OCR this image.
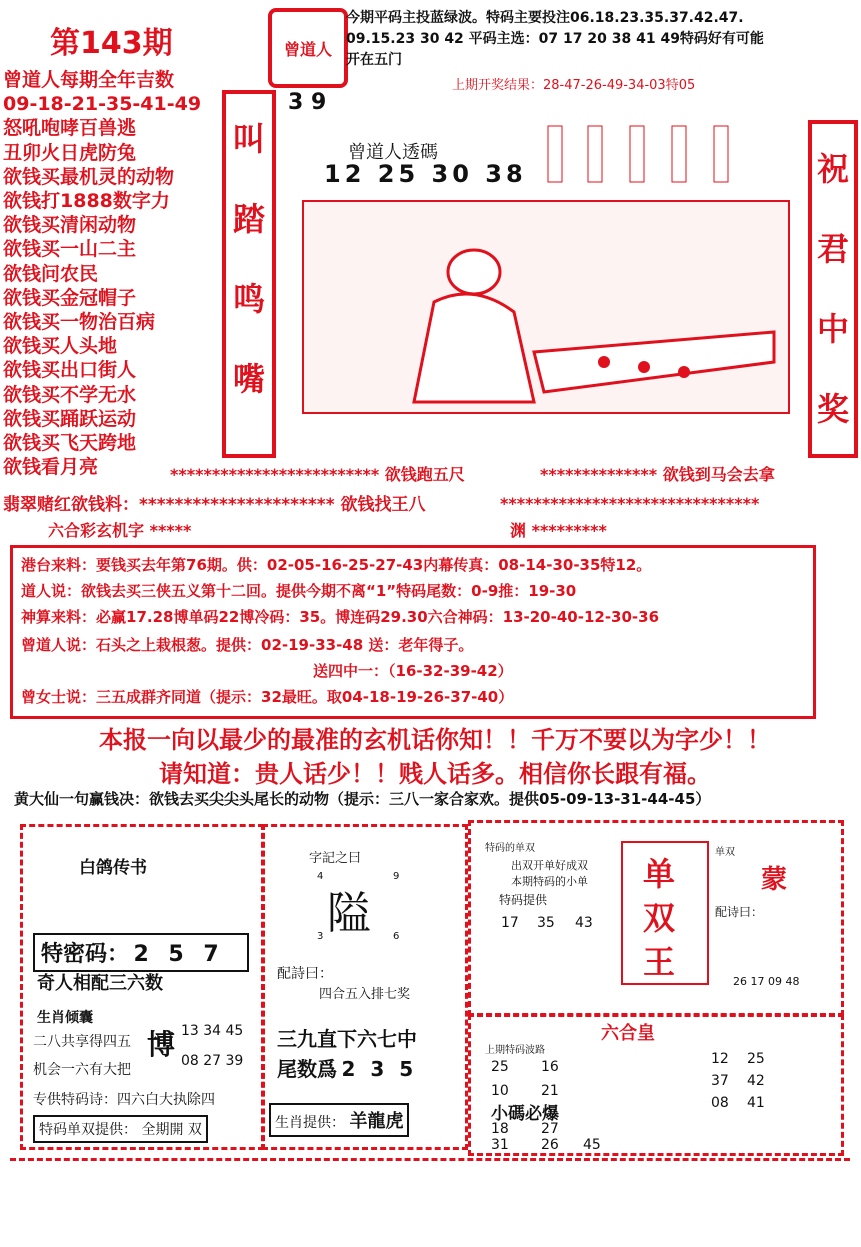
第143期	曾道人
今期平码主投蓝绿波。特码主要投注06.18.23.35.37.42.47.
09.15.23 30 42 平码主选：07 17 20 38 41 49特码好有可能
开在五门
上期开奖结果：28-47-26-49-34-03特05
曾道人每期全年吉数
09-18-21-35-41-49
怒吼咆哮百兽逃
丑卯火日虎防兔
欲钱买最机灵的动物
欲钱打1888数字力
欲钱买清闲动物
欲钱买一山二主
欲钱问农民
欲钱买金冠帽子
欲钱买一物治百病
欲钱买人头地
欲钱买出口街人
欲钱买不学无水
欲钱买踊跃运动
欲钱买飞天跨地
欲钱看月亮
叫
踏
鸣
嘴
3 9
曾道人透碼
12 25 30 38	祝
君
中
奖
************************* 欲钱跑五尺	************** 欲钱到马会去拿
翡翠赌红欲钱料：********************** 欲钱找王八	*******************************
六合彩玄机字 *****	渊 *********
港台来料：要钱买去年第76期。供：02-05-16-25-27-43内幕传真：08-14-30-35特12。
道人说：欲钱去买三侠五义第十二回。提供今期不离“1”特码尾数：0-9推：19-30
神算来料：必赢17.28博单码22博冷码：35。博连码29.30六合神码：13-20-40-12-30-36
曾道人说：石头之上栽根葱。提供：02-19-33-48 送：老年得子。
送四中一：（16-32-39-42）
曾女士说：三五成群齐同道（提示：32最旺。取04-18-19-26-37-40）
本报一向以最少的最准的玄机话你知！！千万不要以为字少！！
请知道：贵人话少！！贱人话多。相信你长跟有福。
黄大仙一句赢钱决：欲钱去买尖尖头尾长的动物（提示：三八一家合家欢。提供05-09-13-31-44-45）
白鸽传书
特密码： 2 5 7
奇人相配三六数
生肖倾囊
二八共享得四五
机会一六有大把
博 13 34 45
08 27 39
专供特码诗：四六白大执除四
特码单双提供： 全期開 双
字記之曰
4	9
隘
3	6
配詩曰：
四合五入排七奖
三九直下六七中
尾数爲 2 3 5
生肖提供： 羊龍虎
特码的单双
出双开单好成双
本期特码的小单
特码提供
17 35 43
单
双
王
单双
蒙
配诗曰：
26 17 09 48
六合皇
上期特码波路
25 16
10 21
小碼必爆
18 27
31 26 45
12 25
37 42
08 41
